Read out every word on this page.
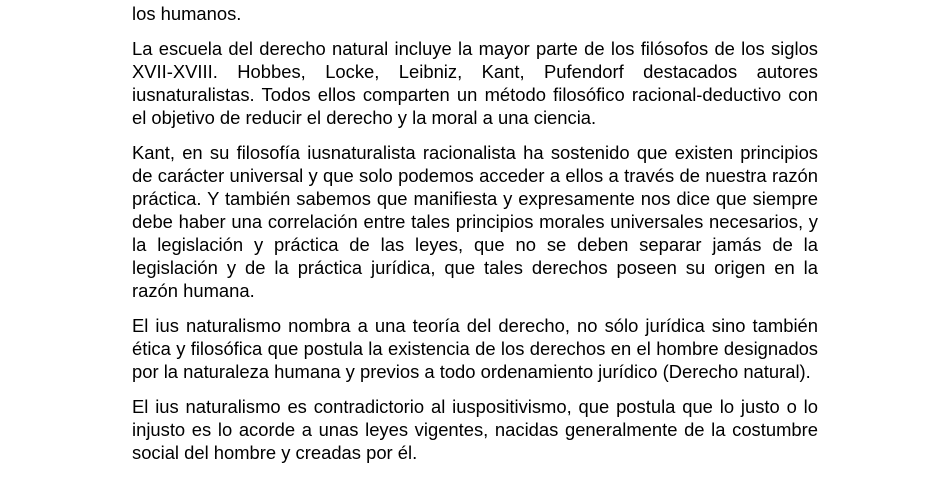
los humanos.

La escuela del derecho natural incluye la mayor parte de los filósofos de los siglos XVII-XVIII. Hobbes, Locke, Leibniz, Kant, Pufendorf destacados autores iusnaturalistas. Todos ellos comparten un método filosófico racional-deductivo con el objetivo de reducir el derecho y la moral a una ciencia.

Kant, en su filosofía iusnaturalista racionalista ha sostenido que existen principios de carácter universal y que solo podemos acceder a ellos a través de nuestra razón práctica. Y también sabemos que manifiesta y expresamente nos dice que siempre debe haber una correlación entre tales principios morales universales necesarios, y la legislación y práctica de las leyes, que no se deben separar jamás de la legislación y de la práctica jurídica, que tales derechos poseen su origen en la razón humana.

El ius naturalismo nombra a una teoría del derecho, no sólo jurídica sino también ética y filosófica que postula la existencia de los derechos en el hombre designados por la naturaleza humana y previos a todo ordenamiento jurídico (Derecho natural).

El ius naturalismo es contradictorio al iuspositivismo, que postula que lo justo o lo injusto es lo acorde a unas leyes vigentes, nacidas generalmente de la costumbre social del hombre y creadas por él.
